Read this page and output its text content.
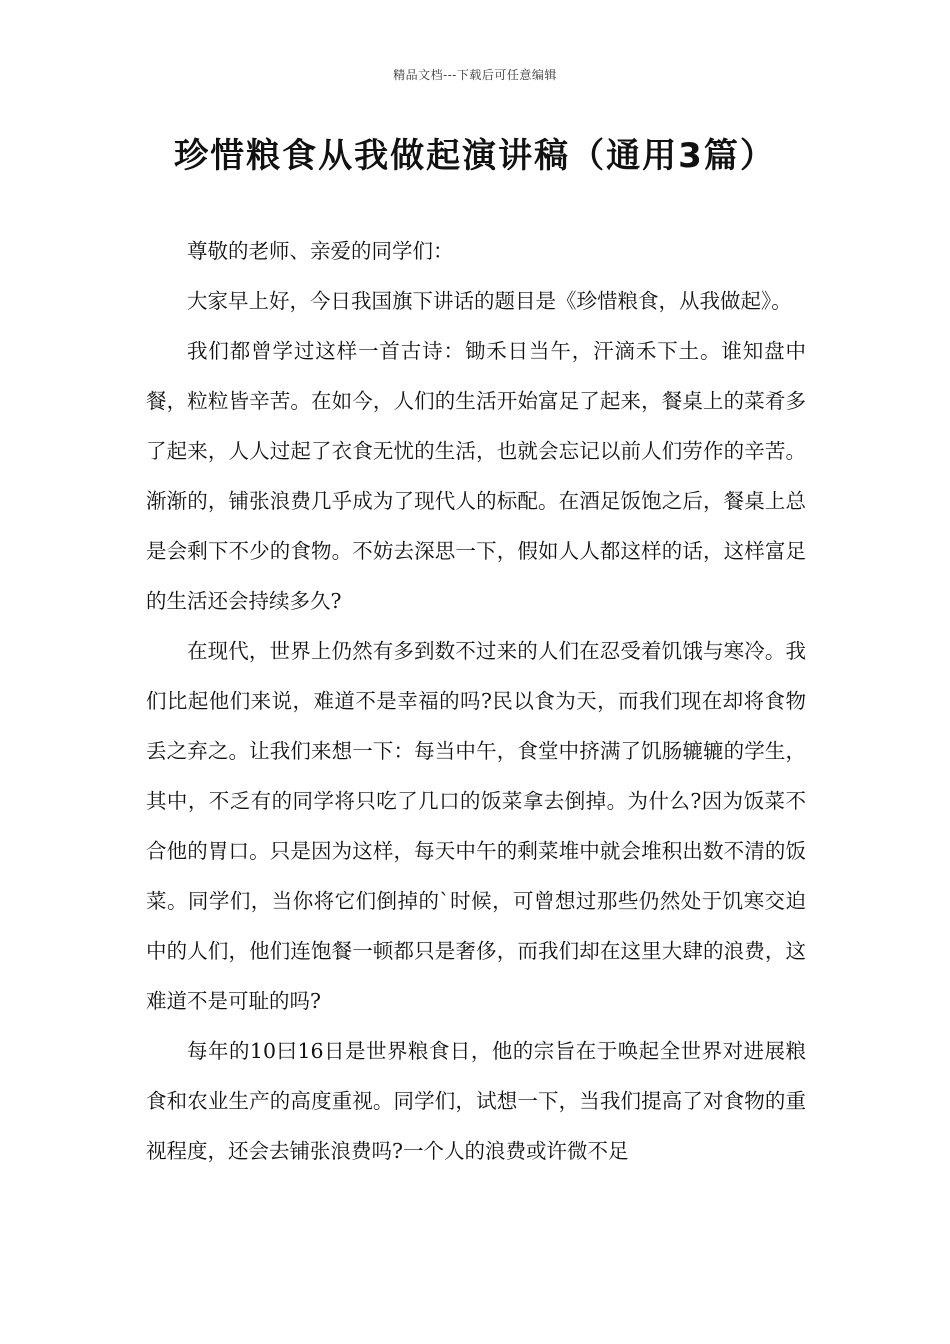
精品文档---下载后可任意编辑
珍惜粮食从我做起演讲稿（通用3篇）

尊敬的老师、亲爱的同学们：

大家早上好，今日我国旗下讲话的题目是《珍惜粮食，从我做起》。

我们都曾学过这样一首古诗：锄禾日当午，汗滴禾下土。谁知盘中餐，粒粒皆辛苦。在如今，人们的生活开始富足了起来，餐桌上的菜肴多了起来，人人过起了衣食无忧的生活，也就会忘记以前人们劳作的辛苦。渐渐的，铺张浪费几乎成为了现代人的标配。在酒足饭饱之后，餐桌上总是会剩下不少的食物。不妨去深思一下，假如人人都这样的话，这样富足的生活还会持续多久?

在现代，世界上仍然有多到数不过来的人们在忍受着饥饿与寒冷。我们比起他们来说，难道不是幸福的吗?民以食为天，而我们现在却将食物丢之弃之。让我们来想一下：每当中午，食堂中挤满了饥肠辘辘的学生，其中，不乏有的同学将只吃了几口的饭菜拿去倒掉。为什么?因为饭菜不合他的胃口。只是因为这样，每天中午的剩菜堆中就会堆积出数不清的饭菜。同学们，当你将它们倒掉的`时候，可曾想过那些仍然处于饥寒交迫中的人们，他们连饱餐一顿都只是奢侈，而我们却在这里大肆的浪费，这难道不是可耻的吗?

每年的10曰16日是世界粮食日，他的宗旨在于唤起全世界对进展粮食和农业生产的高度重视。同学们，试想一下，当我们提高了对食物的重视程度，还会去铺张浪费吗?一个人的浪费或许微不足
